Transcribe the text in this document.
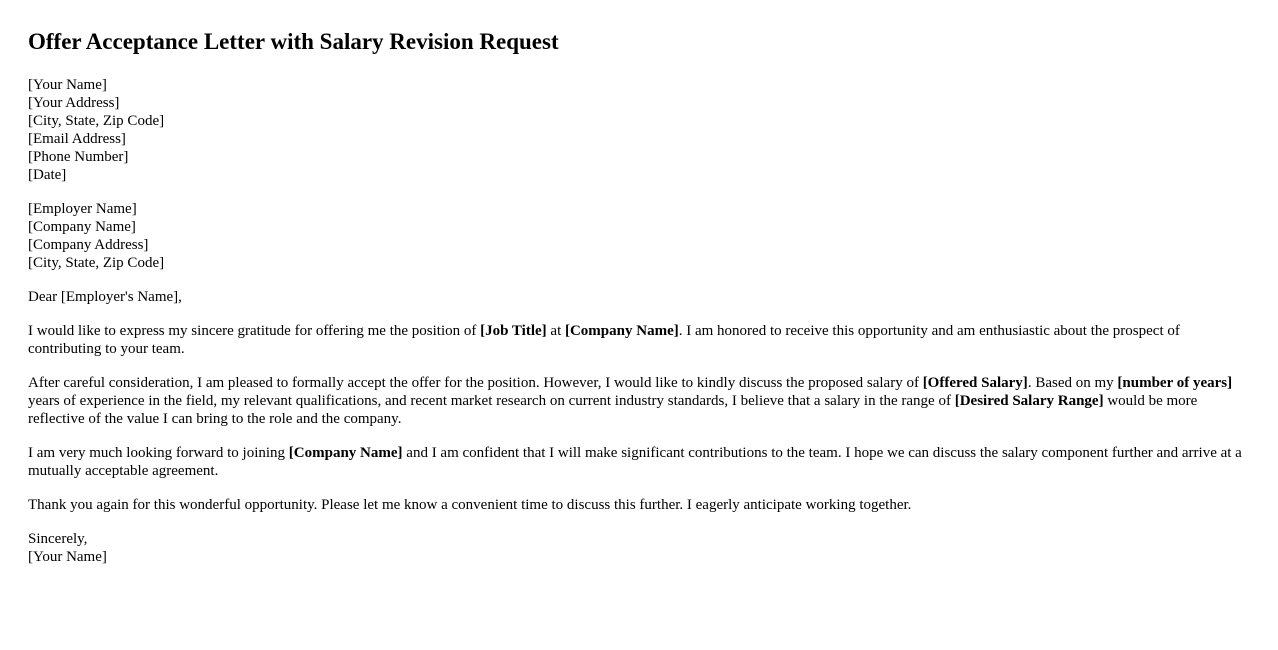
Offer Acceptance Letter with Salary Revision Request
[Your Name]
[Your Address]
[City, State, Zip Code]
[Email Address]
[Phone Number]
[Date]
[Employer Name]
[Company Name]
[Company Address]
[City, State, Zip Code]

Dear [Employer's Name],

I would like to express my sincere gratitude for offering me the position of [Job Title] at [Company Name]. I am honored to receive this opportunity and am enthusiastic about the prospect of contributing to your team.

After careful consideration, I am pleased to formally accept the offer for the position. However, I would like to kindly discuss the proposed salary of [Offered Salary]. Based on my [number of years] years of experience in the field, my relevant qualifications, and recent market research on current industry standards, I believe that a salary in the range of [Desired Salary Range] would be more reflective of the value I can bring to the role and the company.

I am very much looking forward to joining [Company Name] and I am confident that I will make significant contributions to the team. I hope we can discuss the salary component further and arrive at a mutually acceptable agreement.

Thank you again for this wonderful opportunity. Please let me know a convenient time to discuss this further. I eagerly anticipate working together.

Sincerely,
[Your Name]
